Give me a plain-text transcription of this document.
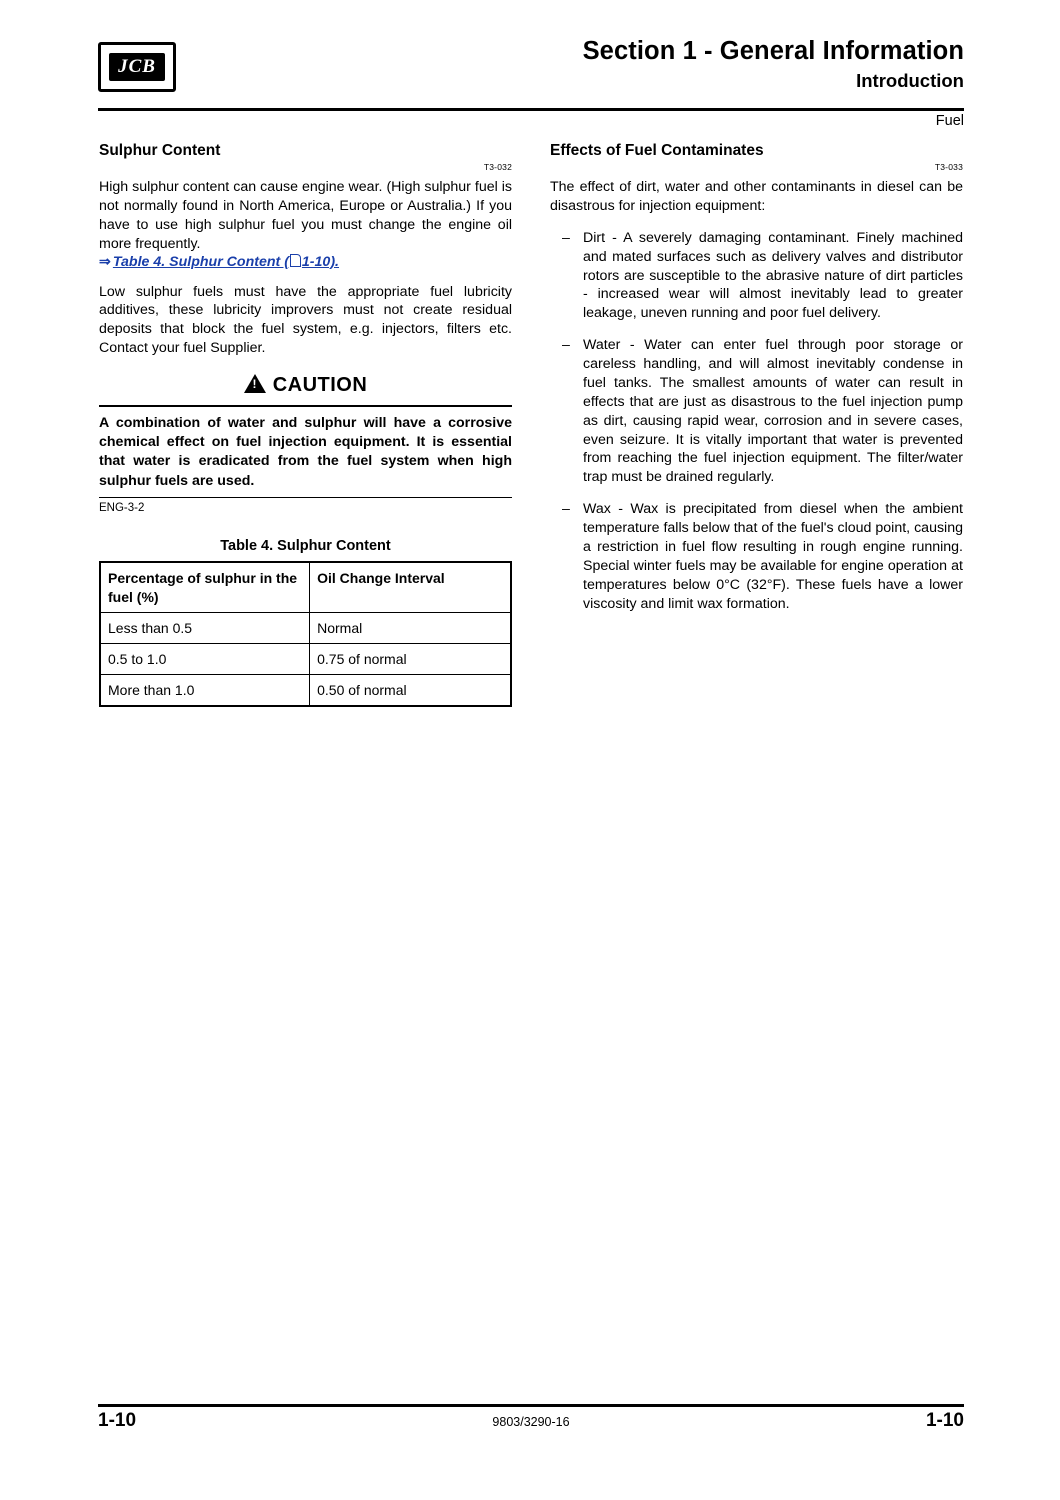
JCB
Section 1 - General Information
Introduction
Fuel
Sulphur Content
T3-032

High sulphur content can cause engine wear. (High sulphur fuel is not normally found in North America, Europe or Australia.) If you have to use high sulphur fuel you must change the engine oil more frequently.

⇒ Table 4. Sulphur Content ( 1-10).

Low sulphur fuels must have the appropriate fuel lubricity additives, these lubricity improvers must not create residual deposits that block the fuel system, e.g. injectors, filters etc. Contact your fuel Supplier.

!CAUTION
A combination of water and sulphur will have a corrosive chemical effect on fuel injection equipment. It is essential that water is eradicated from the fuel system when high sulphur fuels are used.
ENG-3-2
Table 4. Sulphur Content
Percentage of sulphur in the fuel (%)	Oil Change Interval
Less than 0.5	Normal
0.5 to 1.0	0.75 of normal
More than 1.0	0.50 of normal
Effects of Fuel Contaminates
T3-033

The effect of dirt, water and other contaminants in diesel can be disastrous for injection equipment:

– Dirt - A severely damaging contaminant. Finely machined and mated surfaces such as delivery valves and distributor rotors are susceptible to the abrasive nature of dirt particles - increased wear will almost inevitably lead to greater leakage, uneven running and poor fuel delivery.
– Water - Water can enter fuel through poor storage or careless handling, and will almost inevitably condense in fuel tanks. The smallest amounts of water can result in effects that are just as disastrous to the fuel injection pump as dirt, causing rapid wear, corrosion and in severe cases, even seizure. It is vitally important that water is prevented from reaching the fuel injection equipment. The filter/water trap must be drained regularly.
– Wax - Wax is precipitated from diesel when the ambient temperature falls below that of the fuel's cloud point, causing a restriction in fuel flow resulting in rough engine running. Special winter fuels may be available for engine operation at temperatures below 0°C (32°F). These fuels have a lower viscosity and limit wax formation.
1-10	9803/3290-16	1-10
